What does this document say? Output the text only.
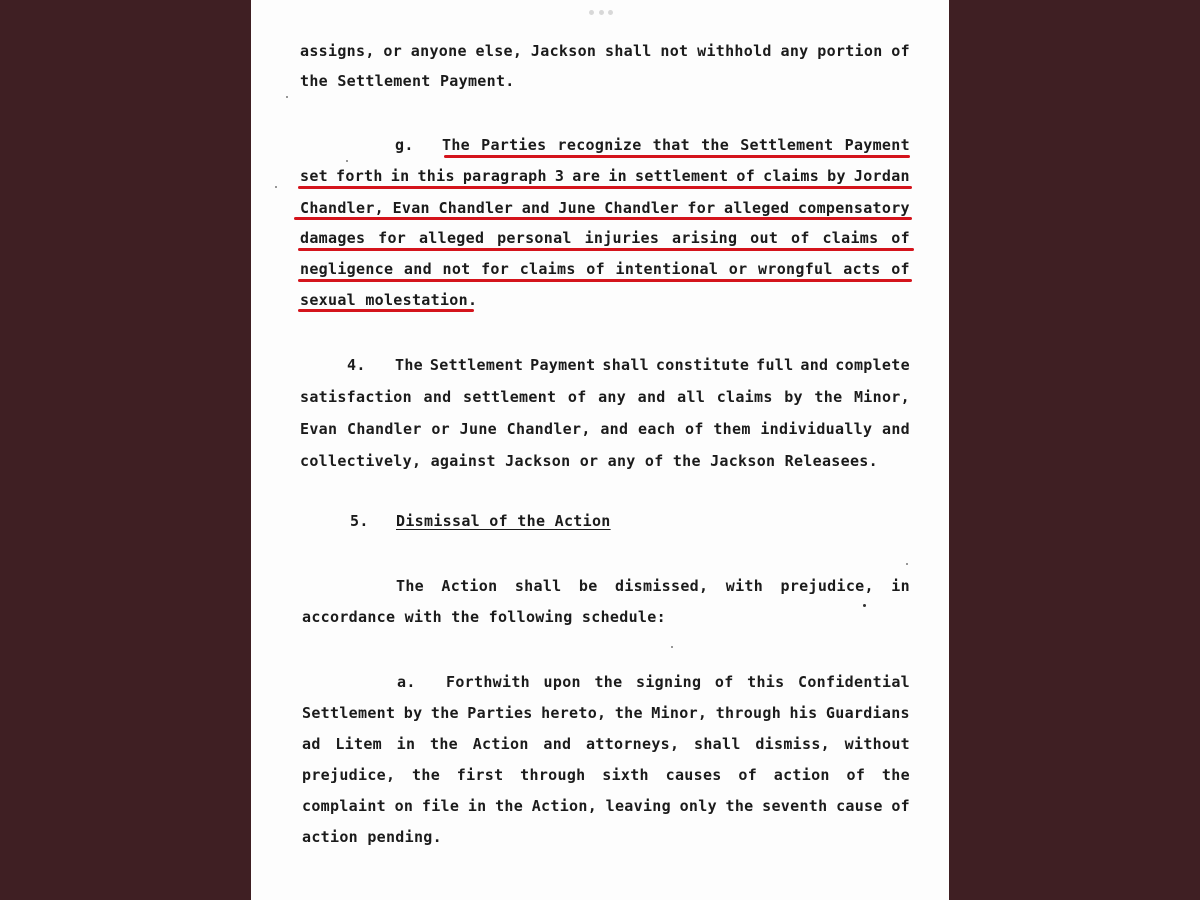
assigns, or anyone else, Jackson shall not withhold any portion of

the Settlement Payment.

g. The Parties recognize that the Settlement Payment
set forth in this paragraph 3 are in settlement of claims by Jordan
Chandler, Evan Chandler and June Chandler for alleged compensatory
damages for alleged personal injuries arising out of claims of
negligence and not for claims of intentional or wrongful acts of

sexual molestation.

4. The Settlement Payment shall constitute full and complete
satisfaction and settlement of any and all claims by the Minor,
Evan Chandler or June Chandler, and each of them individually and
collectively, against Jackson or any of the Jackson Releasees.

5. Dismissal of the Action

The Action shall be dismissed, with prejudice, in

accordance with the following schedule:

a. Forthwith upon the signing of this Confidential
Settlement by the Parties hereto, the Minor, through his Guardians
ad Litem in the Action and attorneys, shall dismiss, without
prejudice, the first through sixth causes of action of the
complaint on file in the Action, leaving only the seventh cause of

action pending.
